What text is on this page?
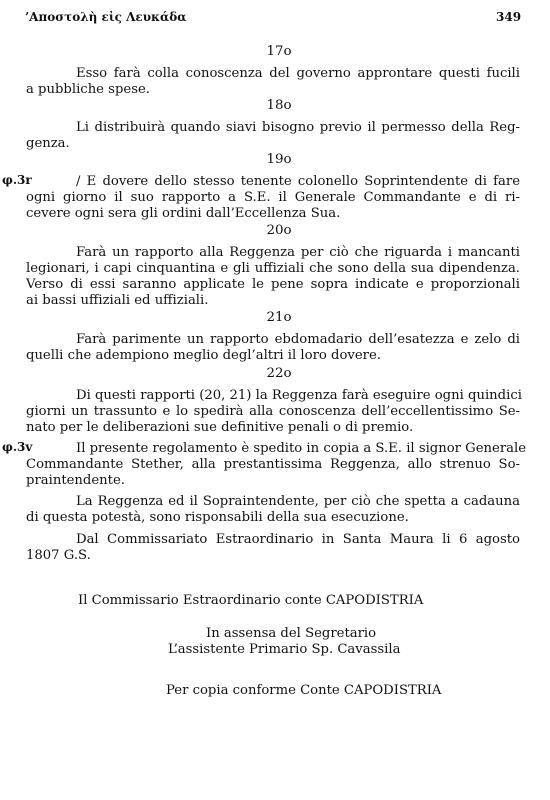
’Αποστολὴ εἰς Λευκάδα	349
17o
Esso farà colla conoscenza del governo approntare questi fucili
a pubbliche spese.
18o
Li distribuirà quando siavi bisogno previo il permesso della Reg-
genza.
19o
φ.3r	/ E dovere dello stesso tenente colonello Soprintendente di fare
ogni giorno il suo rapporto a S.E. il Generale Commandante e di ri-
cevere ogni sera gli ordini dall’Eccellenza Sua.
20o
Farà un rapporto alla Reggenza per ciò che riguarda i mancanti
legionari, i capi cinquantina e gli uffiziali che sono della sua dipendenza.
Verso di essi saranno applicate le pene sopra indicate e proporzionali
ai bassi uffiziali ed uffiziali.
21o
Farà parimente un rapporto ebdomadario dell’esatezza e zelo di
quelli che adempiono meglio degl’altri il loro dovere.
22o
Di questi rapporti (20, 21) la Reggenza farà eseguire ogni quindici
giorni un trassunto e lo spedirà alla conoscenza dell’eccellentissimo Se-
nato per le deliberazioni sue definitive penali o di premio.
φ.3v	Il presente regolamento è spedito in copia a S.E. il signor Generale
Commandante Stether, alla prestantissima Reggenza, allo strenuo So-
praintendente.
La Reggenza ed il Sopraintendente, per ciò che spetta a cadauna
di questa potestà, sono risponsabili della sua esecuzione.
Dal Commissariato Estraordinario in Santa Maura li 6 agosto
1807 G.S.
Il Commissario Estraordinario conte CAPODISTRIA
In assensa del Segretario
L’assistente Primario Sp. Cavassila
Per copia conforme Conte CAPODISTRIA
